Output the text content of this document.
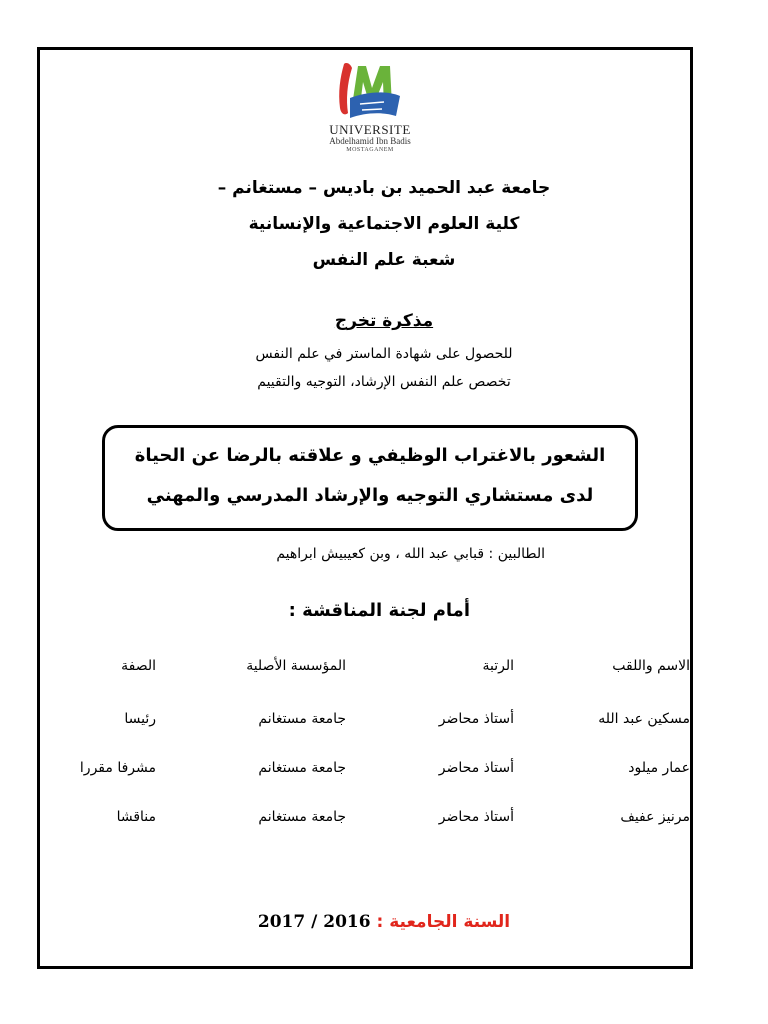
UNIVERSITE
Abdelhamid Ibn Badis
MOSTAGANEM
جامعة عبد الحميد بن باديس – مستغانم –
كلية العلوم الاجتماعية والإنسانية
شعبة علم النفس
مذكرة تخرج
للحصول على شهادة الماستر في علم النفس
تخصص علم النفس الإرشاد، التوجيه والتقييم
الشعور بالاغتراب الوظيفي و علاقته بالرضا عن الحياة
لدى مستشاري التوجيه والإرشاد المدرسي والمهني
الطالبين : قبابي عبد الله ، وبن كعيبيش ابراهيم
أمام لجنة المناقشة :
الاسم واللقب
الرتبة
المؤسسة الأصلية
الصفة
مسكين عبد الله
أستاذ محاضر
جامعة مستغانم
رئيسا
عمار ميلود
أستاذ محاضر
جامعة مستغانم
مشرفا مقررا
مرنيز عفيف
أستاذ محاضر
جامعة مستغانم
مناقشا
السنة الجامعية : 2016 / 2017
